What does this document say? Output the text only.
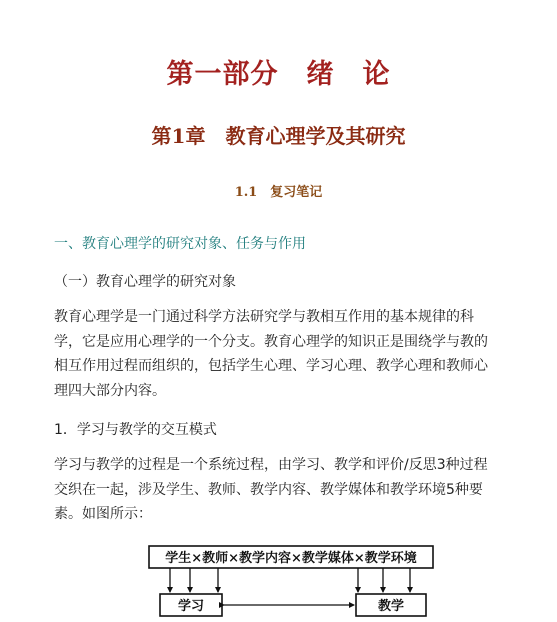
第一部分　绪　论
第1章　教育心理学及其研究
1.1　复习笔记
一、教育心理学的研究对象、任务与作用
（一）教育心理学的研究对象
教育心理学是一门通过科学方法研究学与教相互作用的基本规律的科
学，它是应用心理学的一个分支。教育心理学的知识正是围绕学与教的
相互作用过程而组织的，包括学生心理、学习心理、教学心理和教师心
理四大部分内容。
1．学习与教学的交互模式
学习与教学的过程是一个系统过程，由学习、教学和评价/反思3种过程
交织在一起，涉及学生、教师、教学内容、教学媒体和教学环境5种要
素。如图所示：
学生×教师×教学内容×教学媒体×教学环境
学习	教学
